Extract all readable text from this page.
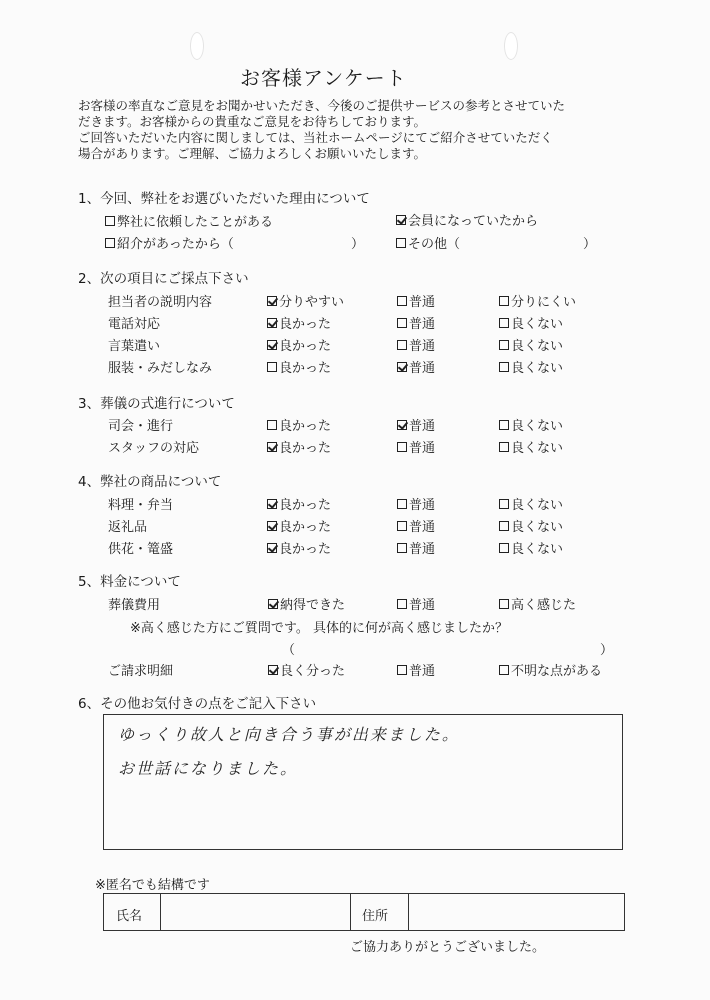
お客様アンケート
お客様の率直なご意見をお聞かせいただき、今後のご提供サービスの参考とさせていた
だきます。お客様からの貴重なご意見をお待ちしております。
ご回答いただいた内容に関しましては、当社ホームページにてご紹介させていただく
場合があります。ご理解、ご協力よろしくお願いいたします。
1、今回、弊社をお選びいただいた理由について
弊社に依頼したことがある	会員になっていたから
紹介があったから（	）	その他（	）
2、次の項目にご採点下さい
担当者の説明内容	分りやすい	普通	分りにくい
電話対応	良かった	普通	良くない
言葉遣い	良かった	普通	良くない
服装・みだしなみ	良かった	普通	良くない
3、葬儀の式進行について
司会・進行	良かった	普通	良くない
スタッフの対応	良かった	普通	良くない
4、弊社の商品について
料理・弁当	良かった	普通	良くない
返礼品	良かった	普通	良くない
供花・篭盛	良かった	普通	良くない
5、料金について
葬儀費用	納得できた	普通	高く感じた
※高く感じた方にご質問です。 具体的に何が高く感じましたか？
（	）
ご請求明細	良く分った	普通	不明な点がある
6、その他お気付きの点をご記入下さい
ゆっくり故人と向き合う事が出来ました。
お世話になりました。
※匿名でも結構です
氏名	住所
ご協力ありがとうございました。
